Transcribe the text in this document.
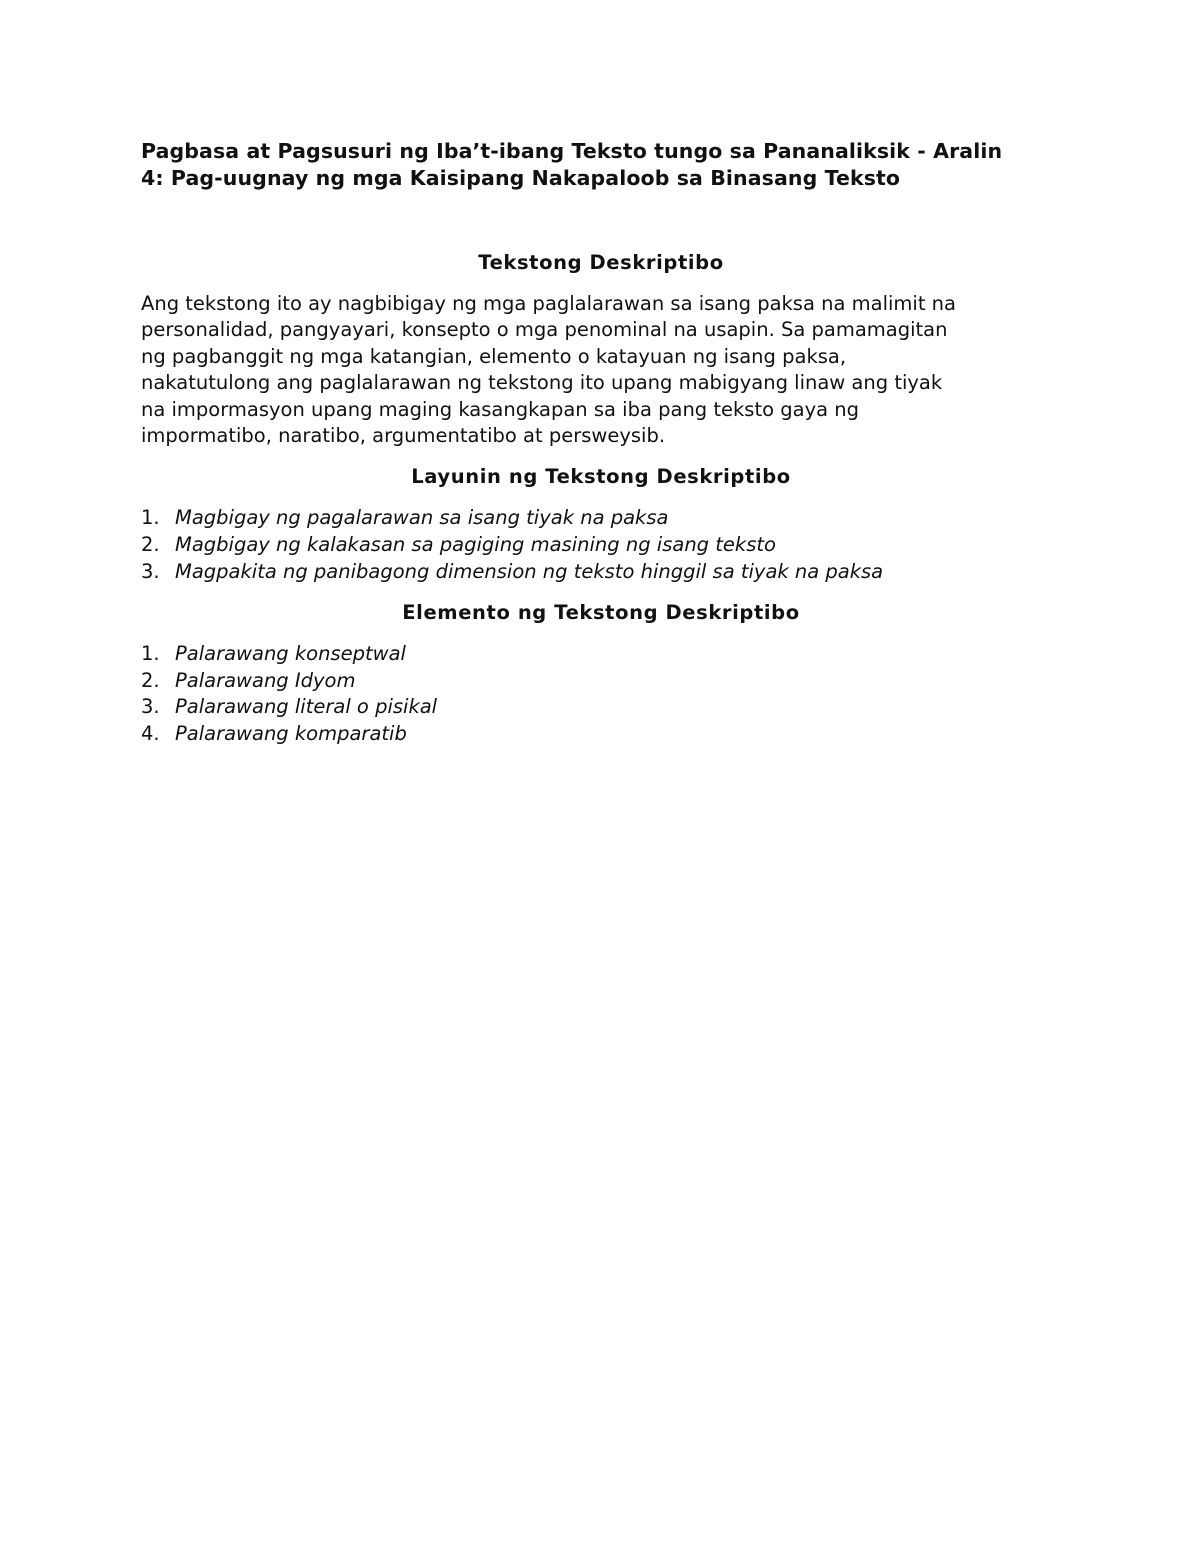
Pagbasa at Pagsusuri ng Iba’t-ibang Teksto tungo sa Pananaliksik - Aralin

4: Pag-uugnay ng mga Kaisipang Nakapaloob sa Binasang Teksto

Tekstong Deskriptibo
Ang tekstong ito ay nagbibigay ng mga paglalarawan sa isang paksa na malimit na
personalidad, pangyayari, konsepto o mga penominal na usapin. Sa pamamagitan
ng pagbanggit ng mga katangian, elemento o katayuan ng isang paksa,
nakatutulong ang paglalarawan ng tekstong ito upang mabigyang linaw ang tiyak
na impormasyon upang maging kasangkapan sa iba pang teksto gaya ng
impormatibo, naratibo, argumentatibo at persweysib.
Layunin ng Tekstong Deskriptibo
1. Magbigay ng pagalarawan sa isang tiyak na paksa
2. Magbigay ng kalakasan sa pagiging masining ng isang teksto
3. Magpakita ng panibagong dimension ng teksto hinggil sa tiyak na paksa
Elemento ng Tekstong Deskriptibo
1. Palarawang konseptwal
2. Palarawang Idyom
3. Palarawang literal o pisikal
4. Palarawang komparatib
